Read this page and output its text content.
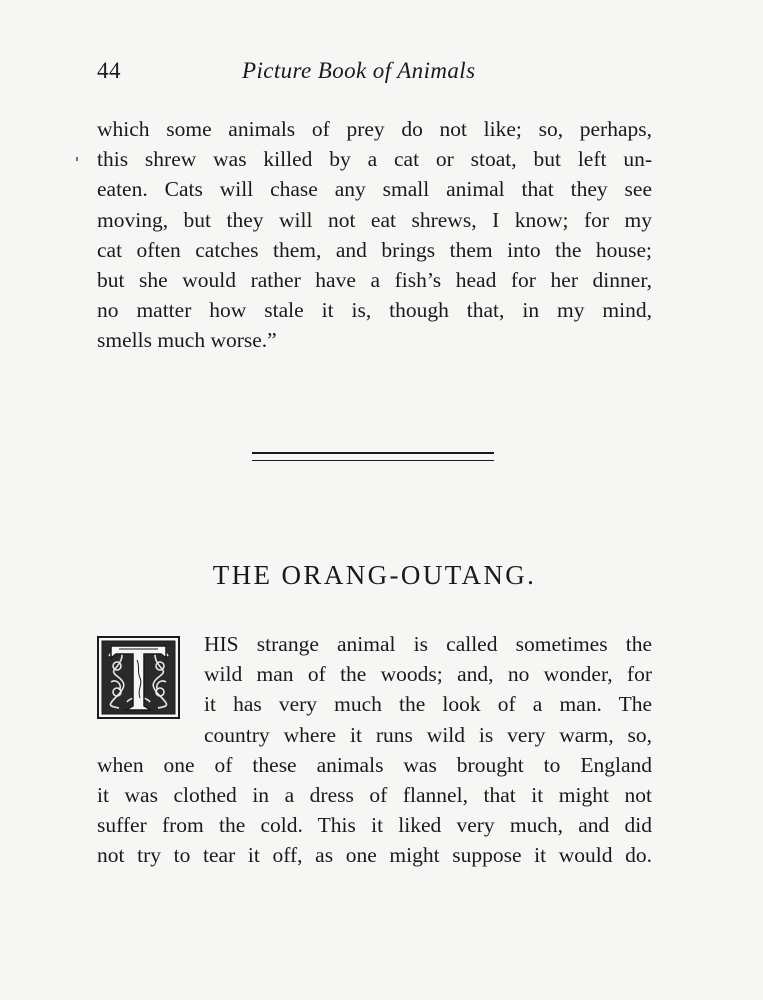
44	Picture Book of Animals

which some animals of prey do not like; so, perhaps,
this shrew was killed by a cat or stoat, but left un-
eaten. Cats will chase any small animal that they see
moving, but they will not eat shrews, I know; for my
cat often catches them, and brings them into the house;
but she would rather have a fish’s head for her dinner,
no matter how stale it is, though that, in my mind,
smells much worse.”

THE ORANG-OUTANG.

HIS strange animal is called sometimes the
wild man of the woods; and, no wonder, for
it has very much the look of a man. The
country where it runs wild is very warm, so,
when one of these animals was brought to England
it was clothed in a dress of flannel, that it might not
suffer from the cold. This it liked very much, and did
not try to tear it off, as one might suppose it would do.
